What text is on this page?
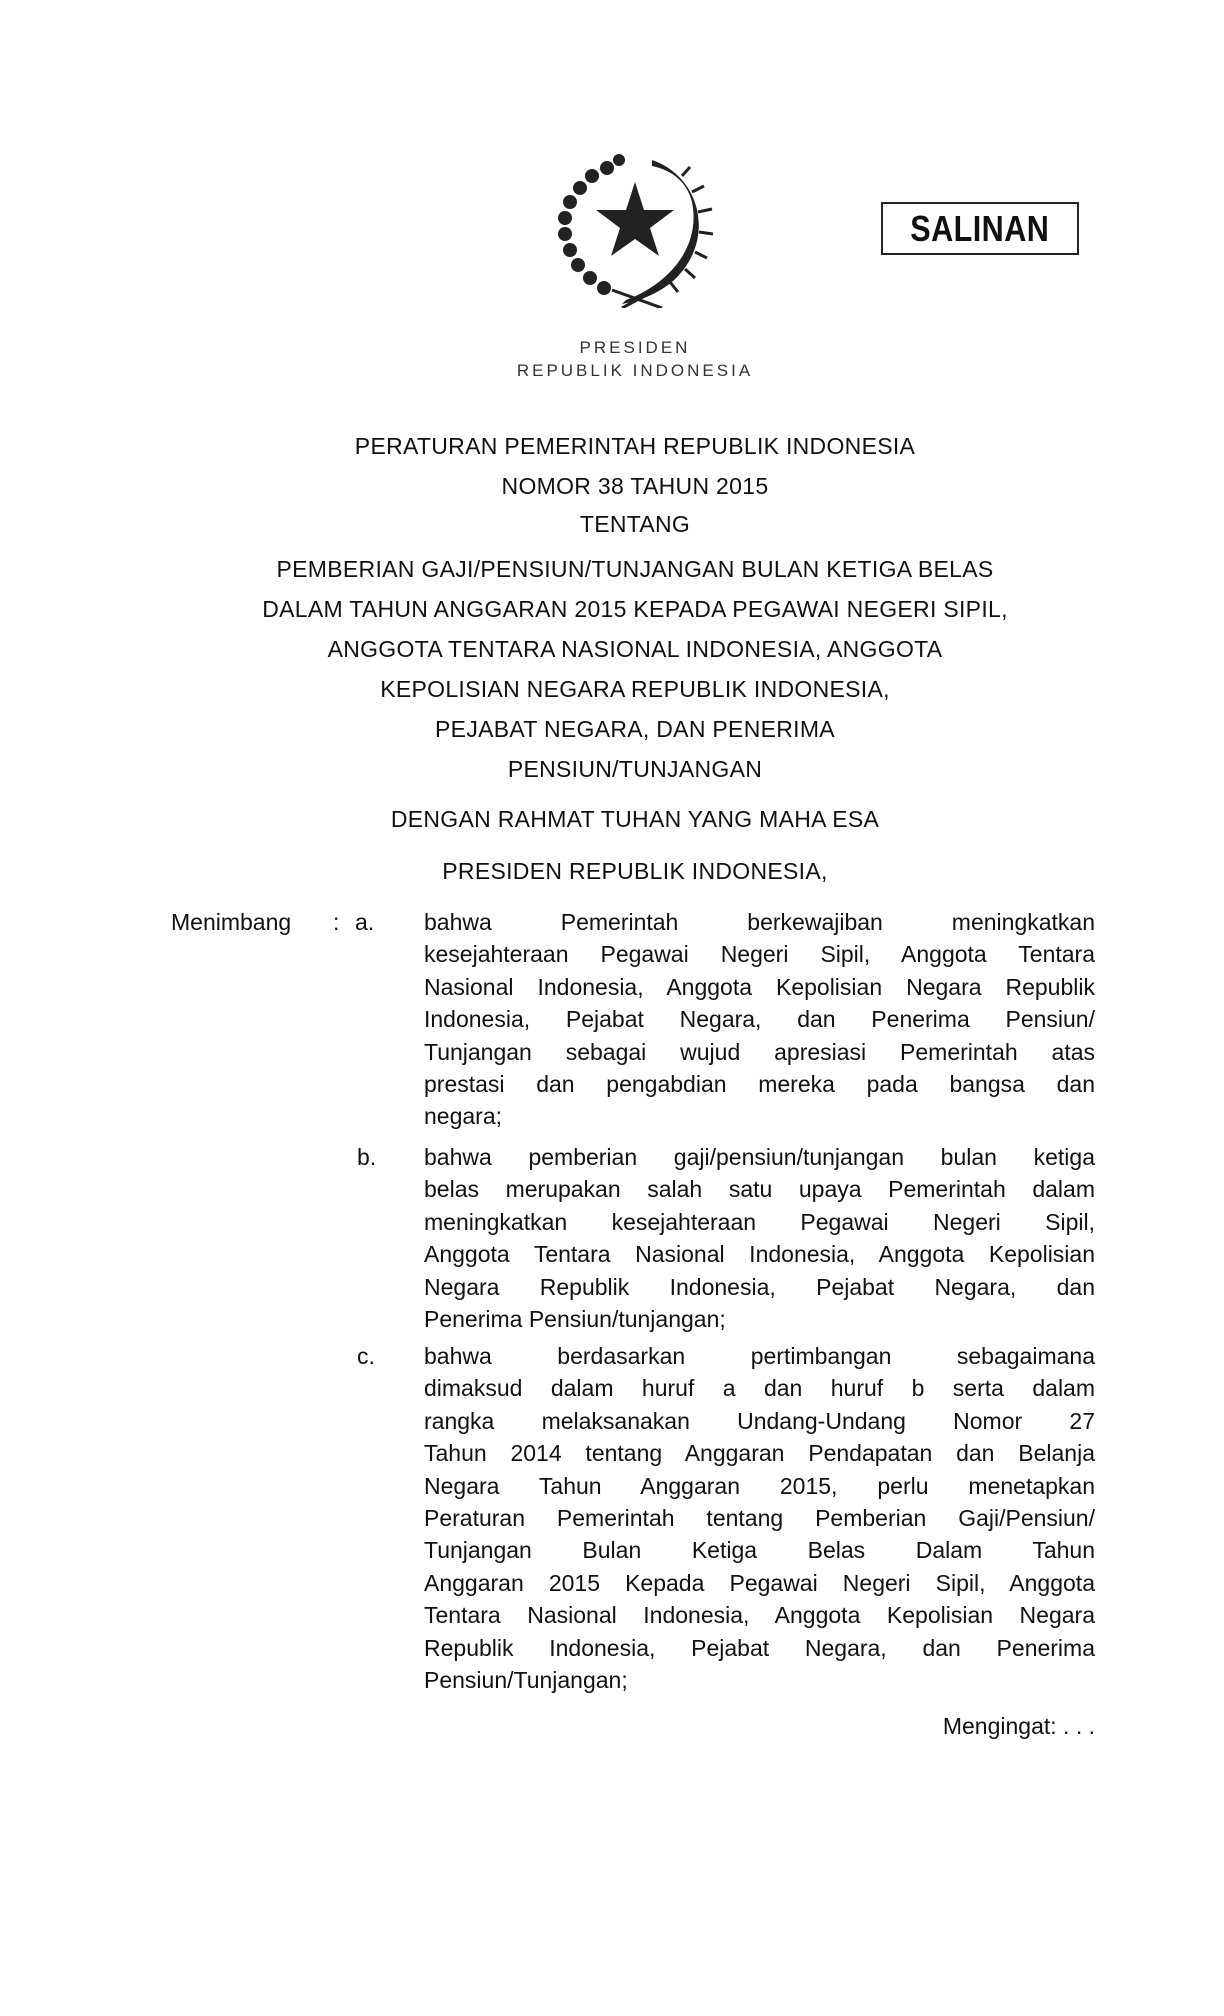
SALINAN
PRESIDEN
REPUBLIK INDONESIA
PERATURAN PEMERINTAH REPUBLIK INDONESIA
NOMOR 38 TAHUN 2015
TENTANG
PEMBERIAN GAJI/PENSIUN/TUNJANGAN BULAN KETIGA BELAS
DALAM TAHUN ANGGARAN 2015 KEPADA PEGAWAI NEGERI SIPIL,
ANGGOTA TENTARA NASIONAL INDONESIA, ANGGOTA
KEPOLISIAN NEGARA REPUBLIK INDONESIA,
PEJABAT NEGARA, DAN PENERIMA
PENSIUN/TUNJANGAN
DENGAN RAHMAT TUHAN YANG MAHA ESA
PRESIDEN REPUBLIK INDONESIA,
Menimbang : a. bahwa Pemerintah berkewajiban meningkatkan
kesejahteraan Pegawai Negeri Sipil, Anggota Tentara
Nasional Indonesia, Anggota Kepolisian Negara Republik
Indonesia, Pejabat Negara, dan Penerima Pensiun/
Tunjangan sebagai wujud apresiasi Pemerintah atas
prestasi dan pengabdian mereka pada bangsa dan
negara;
b. bahwa pemberian gaji/pensiun/tunjangan bulan ketiga
belas merupakan salah satu upaya Pemerintah dalam
meningkatkan kesejahteraan Pegawai Negeri Sipil,
Anggota Tentara Nasional Indonesia, Anggota Kepolisian
Negara Republik Indonesia, Pejabat Negara, dan
Penerima Pensiun/tunjangan;
c. bahwa berdasarkan pertimbangan sebagaimana
dimaksud dalam huruf a dan huruf b serta dalam
rangka melaksanakan Undang-Undang Nomor 27
Tahun 2014 tentang Anggaran Pendapatan dan Belanja
Negara Tahun Anggaran 2015, perlu menetapkan
Peraturan Pemerintah tentang Pemberian Gaji/Pensiun/
Tunjangan Bulan Ketiga Belas Dalam Tahun
Anggaran 2015 Kepada Pegawai Negeri Sipil, Anggota
Tentara Nasional Indonesia, Anggota Kepolisian Negara
Republik Indonesia, Pejabat Negara, dan Penerima
Pensiun/Tunjangan;
Mengingat: . . .
